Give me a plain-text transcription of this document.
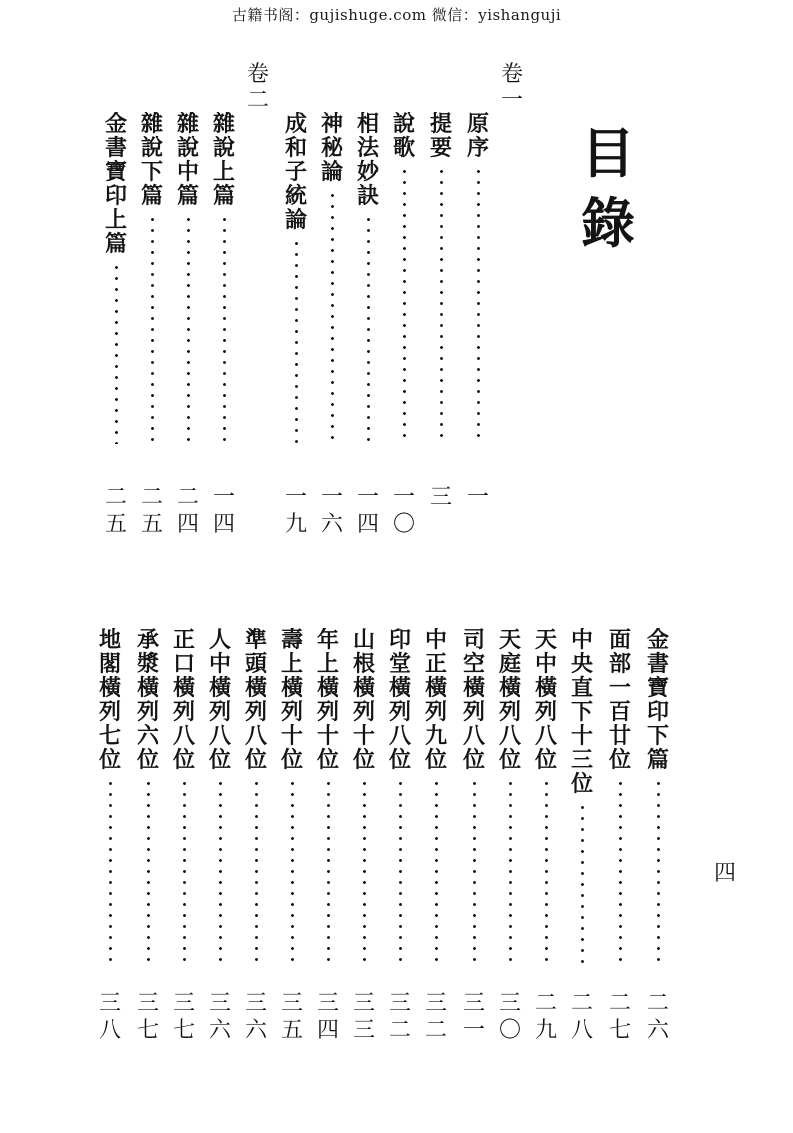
古籍书阁：gujishuge.com 微信：yishanguji
目錄
卷一
卷二
四
原
序
一
提
要
三
說
歌
一
〇
相
法
妙
訣
一
四
神
秘
論
一
六
成
和
子
統
論
一
九
雜
說
上
篇
一
四
雜
說
中
篇
二
四
雜
說
下
篇
二
五
金
書
寶
印
上
篇
二
五
金
書
寶
印
下
篇
二
六
面
部
一
百
廿
位
二
七
中
央
直
下
十
三
位
二
八
天
中
橫
列
八
位
二
九
天
庭
橫
列
八
位
三
〇
司
空
橫
列
八
位
三
一
中
正
橫
列
九
位
三
二
印
堂
橫
列
八
位
三
二
山
根
橫
列
十
位
三
三
年
上
橫
列
十
位
三
四
壽
上
橫
列
十
位
三
五
準
頭
橫
列
八
位
三
六
人
中
橫
列
八
位
三
六
正
口
橫
列
八
位
三
七
承
漿
橫
列
六
位
三
七
地
閣
橫
列
七
位
三
八
